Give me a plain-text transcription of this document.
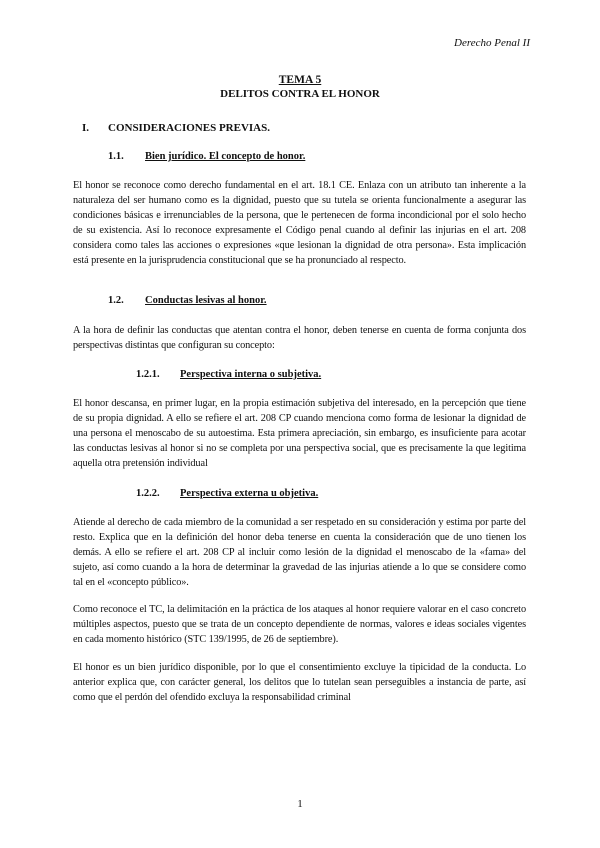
Derecho Penal II
TEMA 5
DELITOS CONTRA EL HONOR
I. CONSIDERACIONES PREVIAS.
1.1. Bien jurídico. El concepto de honor.
El honor se reconoce como derecho fundamental en el art. 18.1 CE. Enlaza con un atributo tan inherente a la naturaleza del ser humano como es la dignidad, puesto que su tutela se orienta funcionalmente a asegurar las condiciones básicas e irrenunciables de la persona, que le pertenecen de forma incondicional por el solo hecho de su existencia. Así lo reconoce expresamente el Código penal cuando al definir las injurias en el art. 208 considera como tales las acciones o expresiones «que lesionan la dignidad de otra persona». Esta implicación está presente en la jurisprudencia constitucional que se ha pronunciado al respecto.
1.2. Conductas lesivas al honor.
A la hora de definir las conductas que atentan contra el honor, deben tenerse en cuenta de forma conjunta dos perspectivas distintas que configuran su concepto:
1.2.1. Perspectiva interna o subjetiva.
El honor descansa, en primer lugar, en la propia estimación subjetiva del interesado, en la percepción que tiene de su propia dignidad. A ello se refiere el art. 208 CP cuando menciona como forma de lesionar la dignidad de una persona el menoscabo de su autoestima. Esta primera apreciación, sin embargo, es insuficiente para acotar las conductas lesivas al honor si no se completa por una perspectiva social, que es precisamente la que legitima aquella otra pretensión individual
1.2.2. Perspectiva externa u objetiva.
Atiende al derecho de cada miembro de la comunidad a ser respetado en su consideración y estima por parte del resto. Explica que en la definición del honor deba tenerse en cuenta la consideración que de uno tienen los demás. A ello se refiere el art. 208 CP al incluir como lesión de la dignidad el menoscabo de la «fama» del sujeto, así como cuando a la hora de determinar la gravedad de las injurias atiende a lo que se considere como tal en el «concepto público».
Como reconoce el TC, la delimitación en la práctica de los ataques al honor requiere valorar en el caso concreto múltiples aspectos, puesto que se trata de un concepto dependiente de normas, valores e ideas sociales vigentes en cada momento histórico (STC 139/1995, de 26 de septiembre).
El honor es un bien jurídico disponible, por lo que el consentimiento excluye la tipicidad de la conducta. Lo anterior explica que, con carácter general, los delitos que lo tutelan sean perseguibles a instancia de parte, así como que el perdón del ofendido excluya la responsabilidad criminal
1
